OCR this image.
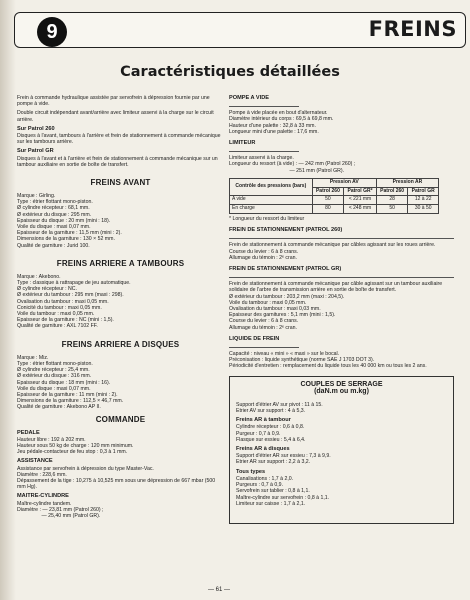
9	FREINS
Caractéristiques détaillées

Frein à commande hydraulique assistée par servofrein à dépression fournie par une pompe à vide.

Double circuit indépendant avant/arrière avec limiteur asservi à la charge sur le circuit arrière.

Sur Patrol 260

Disques à l'avant, tambours à l'arrière et frein de stationnement à commande mécanique sur les tambours arrière.

Sur Patrol GR

Disques à l'avant et à l'arrière et frein de stationnement à commande mécanique sur un tambour auxiliaire en sortie de boîte de transfert.

FREINS AVANT
Marque : Girling.
Type : étrier flottant mono-piston.
Ø cylindre récepteur : 68,1 mm.
Ø extérieur du disque : 295 mm.
Epaisseur du disque : 20 mm (mini : 18).
Voile du disque : maxi 0,07 mm.
Epaisseur de la garniture : 11,5 mm (mini : 2).
Dimensions de la garniture : 130 × 52 mm.
Qualité de garniture : Jurid 100.
FREINS ARRIERE A TAMBOURS
Marque : Akebono.
Type : classique à rattrapage de jeu automatique.
Ø cylindre récepteur : NC.
Ø extérieur du tambour : 295 mm (maxi : 298).
Ovalisation du tambour : maxi 0,05 mm.
Conicité du tambour : maxi 0,05 mm.
Voile du tambour : maxi 0,05 mm.
Epaisseur de la garniture : NC (mini : 1,5).
Qualité de garniture : AXL 7102 FF.
FREINS ARRIERE A DISQUES
Marque : Miz.
Type : étrier flottant mono-piston.
Ø cylindre récepteur : 25,4 mm.
Ø extérieur du disque : 316 mm.
Epaisseur du disque : 18 mm (mini : 16).
Voile du disque : maxi 0,07 mm.
Epaisseur de la garniture : 11 mm (mini : 2).
Dimensions de la garniture : 112,5 × 46,7 mm.
Qualité de garniture : Akebono AP II.
COMMANDE
PEDALE
Hauteur libre : 192 à 202 mm.
Hauteur sous 50 kg de charge : 120 mm minimum.
Jeu pédale-contacteur de feu stop : 0,3 à 1 mm.
ASSISTANCE
Assistance par servofrein à dépression du type Master-Vac.
Diamètre : 228,6 mm.
Dépassement de la tige : 10,275 à 10,525 mm sous une dépression de 667 mbar (500 mm Hg).
MAITRE-CYLINDRE
Maître-cylindre tandem.
Diamètre : — 23,81 mm (Patrol 260) ;
— 25,40 mm (Patrol GR).
POMPE A VIDE
Pompe à vide placée en bout d'alternateur.
Diamètre intérieur du corps : 69,5 à 69,8 mm.
Hauteur d'une palette : 32,8 à 33 mm.
Longueur mini d'une palette : 17,6 mm.
LIMITEUR
Limiteur asservi à la charge.
Longueur du ressort (à vide) : — 242 mm (Patrol 260) ;
— 251 mm (Patrol GR).
Contrôle des pressions (bars)	Pression AV		Pression AR	
	Patrol 260	Patrol GR*	Patrol 260	Patrol GR
A vide	50	< 221 mm	28	12 à 22
En charge	80	< 248 mm	50	30 à 50
* Longueur du ressort du limiteur
FREIN DE STATIONNEMENT (PATROL 260)
Frein de stationnement à commande mécanique par câbles agissant sur les roues arrière.
Course du levier : 6 à 8 crans.
Allumage du témoin : 2ᵉ cran.
FREIN DE STATIONNEMENT (PATROL GR)
Frein de stationnement à commande mécanique par câble agissant sur un tambour auxiliaire solidaire de l'arbre de transmission arrière en sortie de boîte de transfert.
Ø extérieur du tambour : 203,2 mm (maxi : 204,5).
Voile du tambour : maxi 0,05 mm.
Ovalisation du tambour : maxi 0,03 mm.
Epaisseur des garnitures : 5,1 mm (mini : 1,5).
Course du levier : 6 à 8 crans.
Allumage du témoin : 2ᵉ cran.
LIQUIDE DE FREIN
Capacité : niveau « mini » « maxi » sur le bocal.
Préconisation : liquide synthétique (norme SAE J 1703 DOT 3).
Périodicité d'entretien : remplacement du liquide tous les 40 000 km ou tous les 2 ans.
COUPLES DE SERRAGE
(daN.m ou m.kg)
Support d'étrier AV sur pivot : 11 à 15.
Etrier AV sur support : 4 à 5,3.
Freins AR à tambour
Cylindre récepteur : 0,6 à 0,8.
Purgeur : 0,7 à 0,9.
Flasque sur essieu : 5,4 à 6,4.
Freins AR à disques
Support d'étrier AR sur essieu : 7,3 à 9,9.
Etrier AR sur support : 2,2 à 3,2.
Tous types
Canalisations : 1,7 à 2,0.
Purgeurs : 0,7 à 0,9.
Servofrein sur tablier : 0,8 à 1,1.
Maître-cylindre sur servofrein : 0,8 à 1,1.
Limiteur sur caisse : 1,7 à 2,1.
— 61 —
